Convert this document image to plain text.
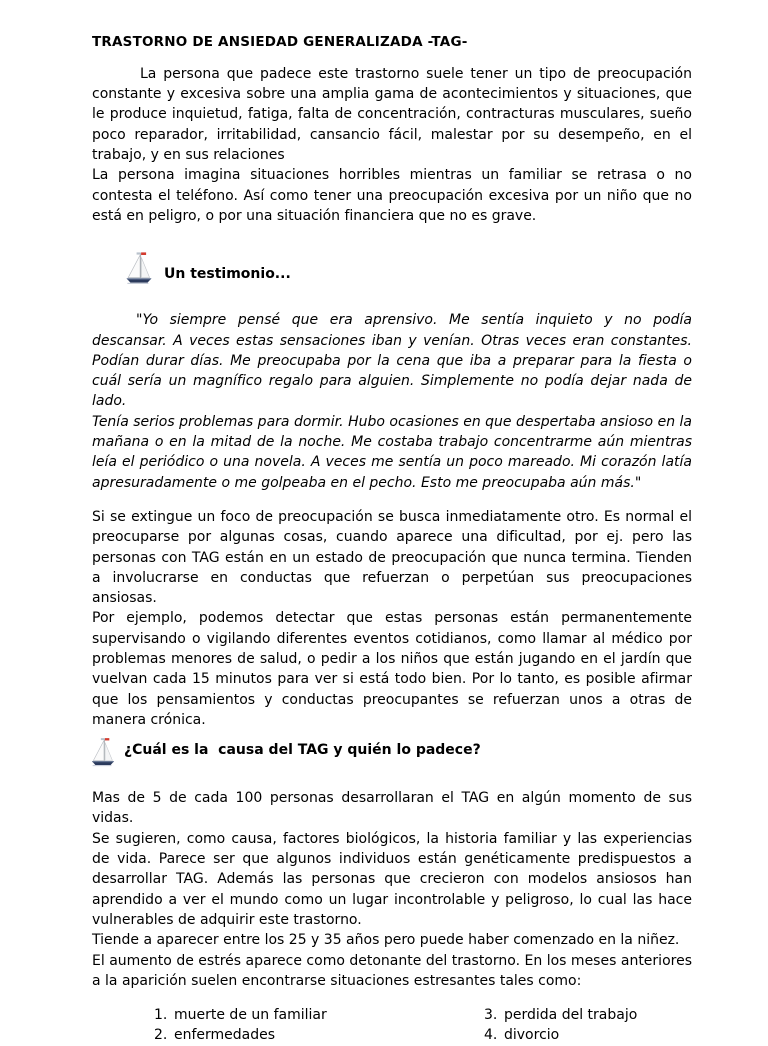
TRASTORNO DE ANSIEDAD GENERALIZADA -TAG-

La persona que padece este trastorno suele tener un tipo de preocupación constante y excesiva sobre una amplia gama de acontecimientos y situaciones, que le produce inquietud, fatiga, falta de concentración, contracturas musculares, sueño poco reparador, irritabilidad, cansancio fácil, malestar por su desempeño, en el trabajo, y en sus relaciones

La persona imagina situaciones horribles mientras un familiar se retrasa o no contesta el teléfono. Así como tener una preocupación excesiva por un niño que no está en peligro, o por una situación financiera que no es grave.

Un testimonio...

"Yo siempre pensé que era aprensivo. Me sentía inquieto y no podía descansar. A veces estas sensaciones iban y venían. Otras veces eran constantes. Podían durar días. Me preocupaba por la cena que iba a preparar para la fiesta o cuál sería un magnífico regalo para alguien. Simplemente no podía dejar nada de lado.

Tenía serios problemas para dormir. Hubo ocasiones en que despertaba ansioso en la mañana o en la mitad de la noche. Me costaba trabajo concentrarme aún mientras leía el periódico o una novela. A veces me sentía un poco mareado. Mi corazón latía apresuradamente o me golpeaba en el pecho. Esto me preocupaba aún más."

Si se extingue un foco de preocupación se busca inmediatamente otro. Es normal el preocuparse por algunas cosas, cuando aparece una dificultad, por ej. pero las personas con TAG están en un estado de preocupación que nunca termina. Tienden a involucrarse en conductas que refuerzan o perpetúan sus preocupaciones ansiosas.

Por ejemplo, podemos detectar que estas personas están permanentemente supervisando o vigilando diferentes eventos cotidianos, como llamar al médico por problemas menores de salud, o pedir a los niños que están jugando en el jardín que vuelvan cada 15 minutos para ver si está todo bien. Por lo tanto, es posible afirmar que los pensamientos y conductas preocupantes se refuerzan unos a otras de manera crónica.

¿Cuál es la  causa del TAG y quién lo padece?

Mas de 5 de cada 100 personas desarrollaran el TAG en algún momento de sus vidas.

Se sugieren, como causa, factores biológicos, la historia familiar y las experiencias de vida. Parece ser que algunos individuos están genéticamente predispuestos a desarrollar TAG. Además las personas que crecieron con modelos ansiosos han aprendido a ver el mundo como un lugar incontrolable y peligroso, lo cual las hace vulnerables de adquirir este trastorno.

Tiende a aparecer entre los 25 y 35 años pero puede haber comenzado en la niñez.

El aumento de estrés aparece como detonante del trastorno. En los meses anteriores a la aparición suelen encontrarse situaciones estresantes tales como:

1. muerte de un familiar
2. enfermedades
3. perdida del trabajo
4. divorcio
